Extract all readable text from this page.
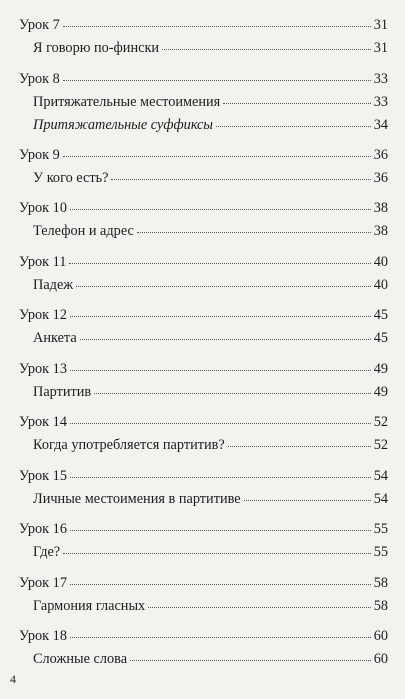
Урок 7	31
Я говорю по-фински	31
Урок 8	33
Притяжательные местоимения	33
Притяжательные суффиксы	34
Урок 9	36
У кого есть?	36
Урок 10	38
Телефон и адрес	38
Урок 11	40
Падеж	40
Урок 12	45
Анкета	45
Урок 13	49
Партитив	49
Урок 14	52
Когда употребляется партитив?	52
Урок 15	54
Личные местоимения в партитиве	54
Урок 16	55
Где?	55
Урок 17	58
Гармония гласных	58
Урок 18	60
Сложные слова	60
4
